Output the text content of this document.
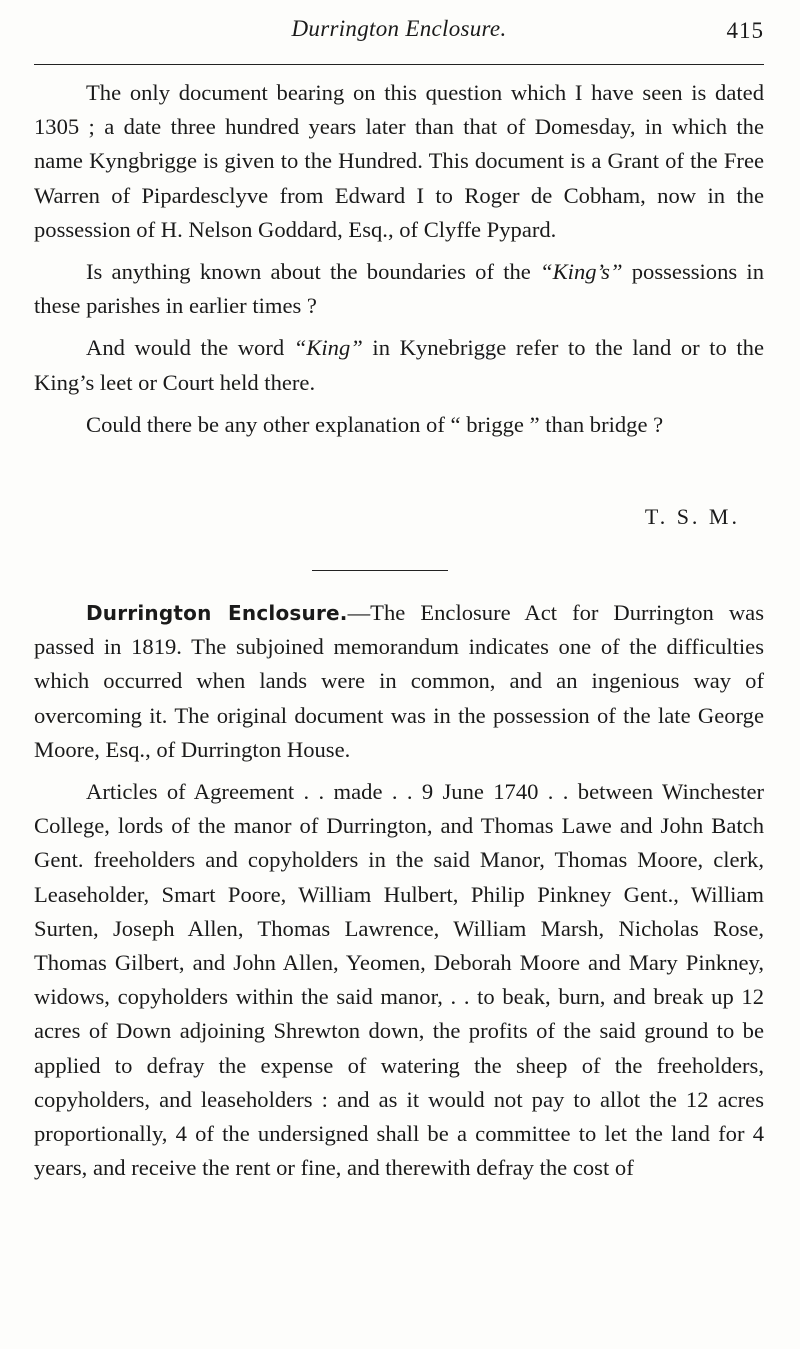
Durrington Enclosure.	415

The only document bearing on this question which I have seen is dated 1305 ; a date three hundred years later than that of Domesday, in which the name Kyngbrigge is given to the Hundred. This document is a Grant of the Free Warren of Pipardesclyve from Edward I to Roger de Cobham, now in the possession of H. Nelson Goddard, Esq., of Clyffe Pypard.

Is anything known about the boundaries of the “King’s” possessions in these parishes in earlier times ?

And would the word “King” in Kynebrigge refer to the land or to the King’s leet or Court held there.

Could there be any other explanation of “ brigge ” than bridge ?

T. S. M.

Durrington Enclosure.—The Enclosure Act for Durrington was passed in 1819. The subjoined memorandum indicates one of the difficulties which occurred when lands were in common, and an ingenious way of overcoming it. The original document was in the possession of the late George Moore, Esq., of Durrington House.

Articles of Agreement . . made . . 9 June 1740 . . between Winchester College, lords of the manor of Durrington, and Thomas Lawe and John Batch Gent. freeholders and copyholders in the said Manor, Thomas Moore, clerk, Leaseholder, Smart Poore, William Hulbert, Philip Pinkney Gent., William Surten, Joseph Allen, Thomas Lawrence, William Marsh, Nicholas Rose, Thomas Gilbert, and John Allen, Yeomen, Deborah Moore and Mary Pinkney, widows, copyholders within the said manor, . . to beak, burn, and break up 12 acres of Down adjoining Shrewton down, the profits of the said ground to be applied to defray the expense of watering the sheep of the freeholders, copyholders, and leaseholders : and as it would not pay to allot the 12 acres proportionally, 4 of the undersigned shall be a committee to let the land for 4 years, and receive the rent or fine, and therewith defray the cost of
